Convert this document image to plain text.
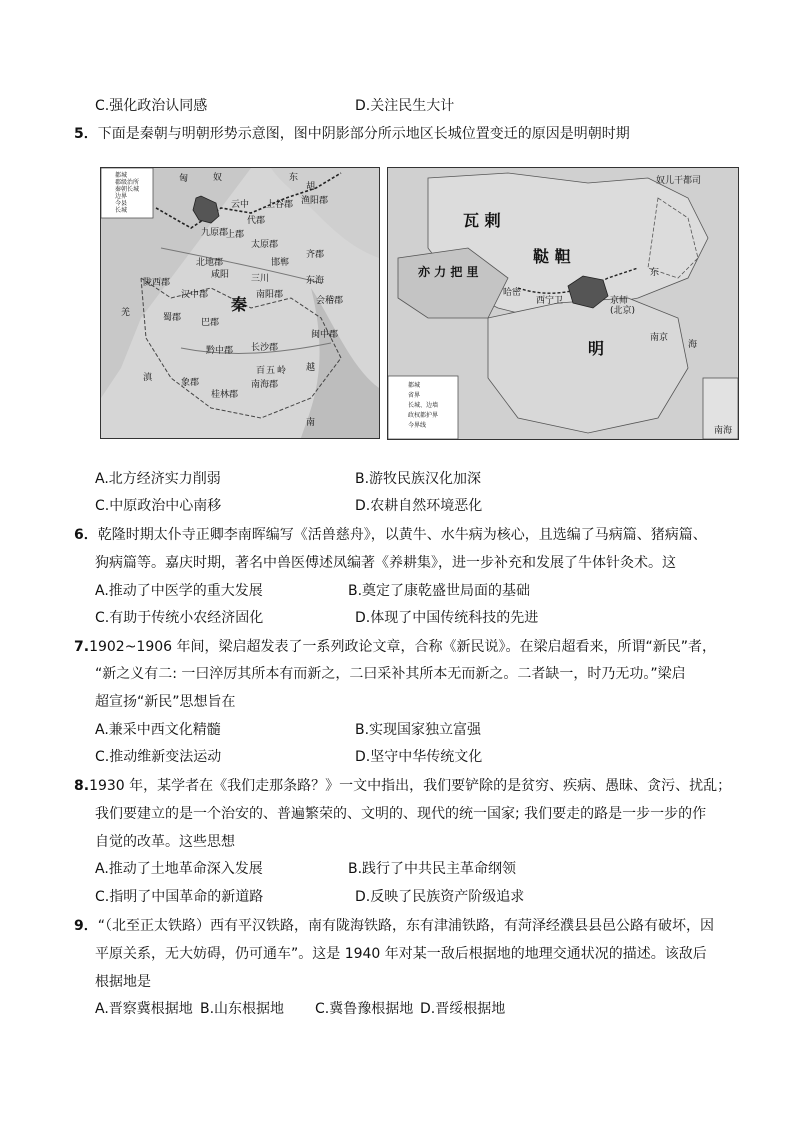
C.强化政治认同感	D.关注民生大计
5．下面是秦朝与明朝形势示意图，图中阴影部分所示地区长城位置变迁的原因是明朝时期
都城
郡级治所
秦朝长城
边界
今县
长城
匈	奴	东
胡
九原郡
云中
代郡
上谷郡 渔阳郡
上郡
太原郡
邯郸
齐郡
陇西郡
北地郡
咸阳 三川	东海
汉中郡 秦 南阳郡
会稽郡
羌	蜀郡 巴郡
长沙郡
闽中郡
黔中郡
象郡	南海郡
桂林郡
滇
越
百 五 岭
南
都城
省界
长城、边墙
政权都护界
今界线
瓦 剌
鞑 靼
奴儿干都司
亦 力 把 里
哈密
西宁卫	京师
(北京)
南京
明
东
海
南海
A.北方经济实力削弱	B.游牧民族汉化加深
C.中原政治中心南移	D.农耕自然环境恶化
6．乾隆时期太仆寺正卿李南晖编写《活兽慈舟》，以黄牛、水牛病为核心，且选编了马病篇、猪病篇、
狗病篇等。嘉庆时期，著名中兽医傅述凤编著《养耕集》，进一步补充和发展了牛体针灸术。这
A.推动了中医学的重大发展	B.奠定了康乾盛世局面的基础
C.有助于传统小农经济固化	D.体现了中国传统科技的先进
7.1902~1906 年间，梁启超发表了一系列政论文章，合称《新民说》。在梁启超看来，所谓“新民”者，
“新之义有二: 一曰淬厉其所本有而新之，二曰采补其所本无而新之。二者缺一，时乃无功。”梁启
超宣扬“新民”思想旨在
A.兼采中西文化精髓	B.实现国家独立富强
C.推动维新变法运动	D.坚守中华传统文化
8.1930 年，某学者在《我们走那条路？》一文中指出，我们要铲除的是贫穷、疾病、愚昧、贪污、扰乱；
我们要建立的是一个治安的、普遍繁荣的、文明的、现代的统一国家; 我们要走的路是一步一步的作
自觉的改革。这些思想
A.推动了土地革命深入发展	B.践行了中共民主革命纲领
C.指明了中国革命的新道路	D.反映了民族资产阶级追求
9．“（北至正太铁路）西有平汉铁路，南有陇海铁路，东有津浦铁路，有菏泽经濮县县邑公路有破坏，因
平原关系，无大妨碍，仍可通车”。这是 1940 年对某一敌后根据地的地理交通状况的描述。该敌后
根据地是
A.晋察冀根据地 B.山东根据地 C.冀鲁豫根据地 D.晋绥根据地
